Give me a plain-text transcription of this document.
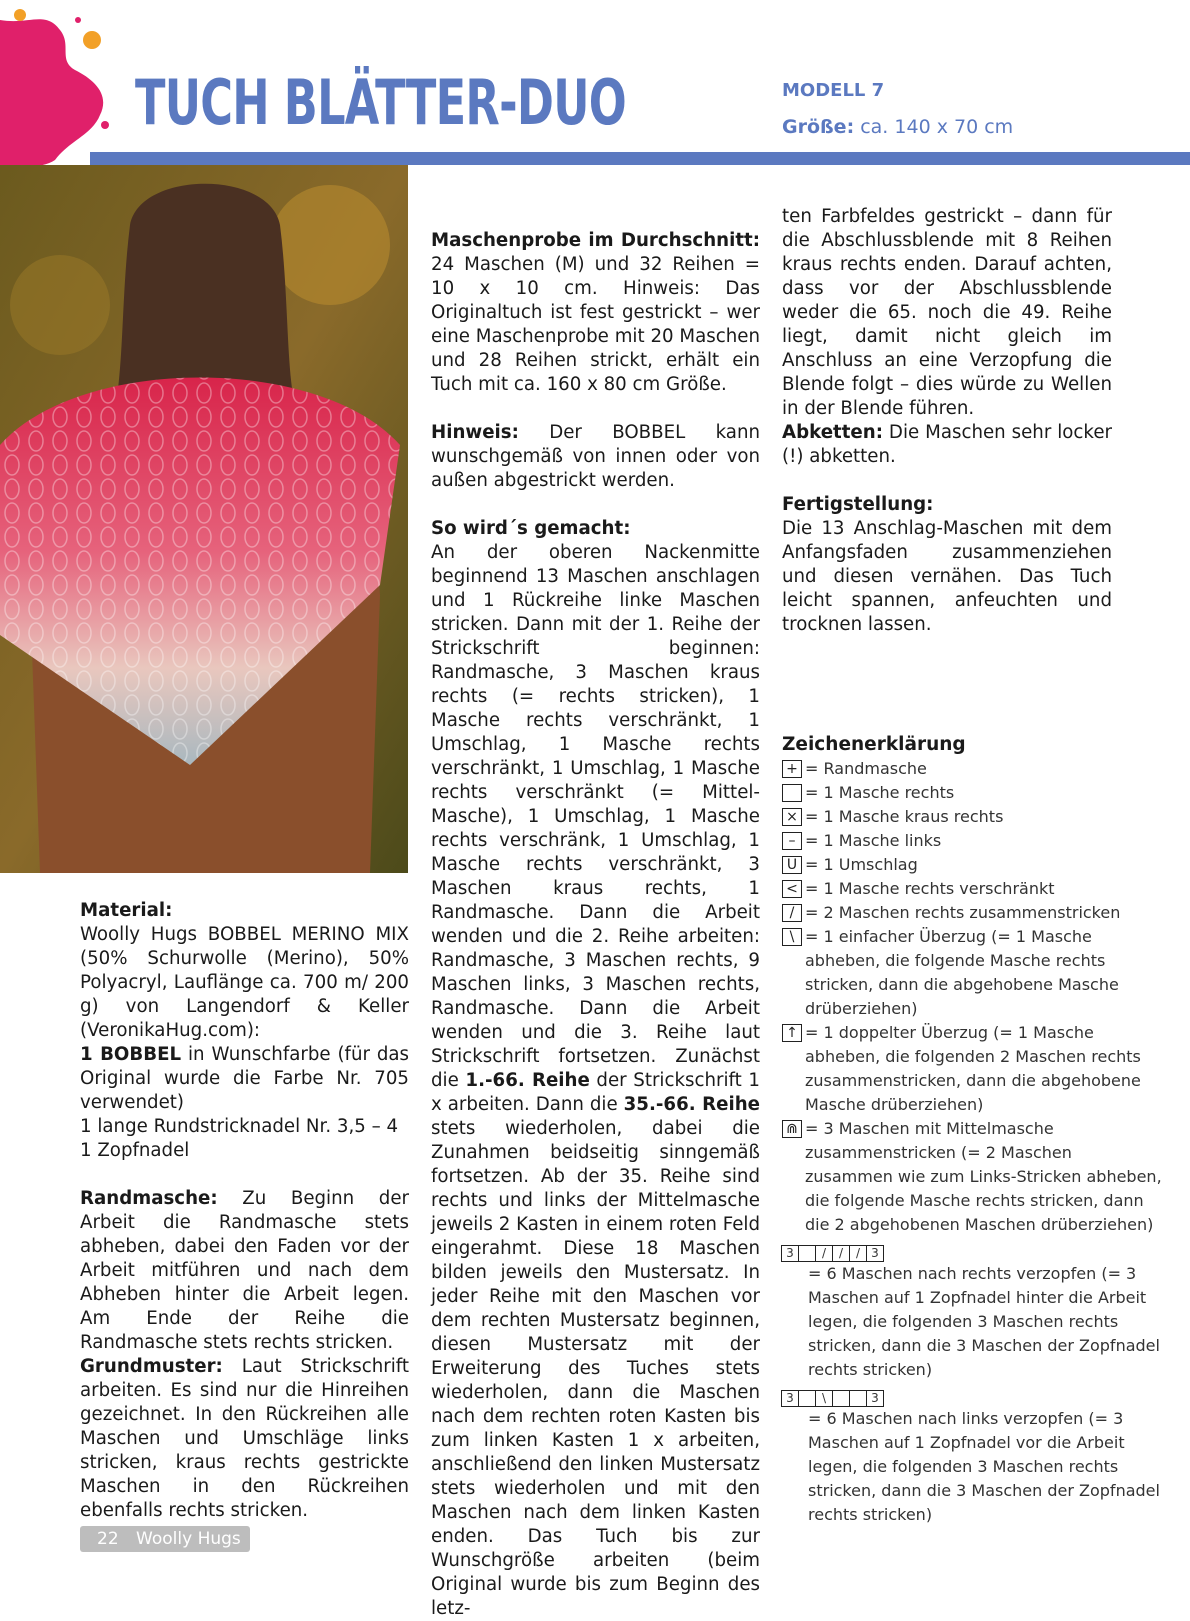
TUCH BLÄTTER-DUO	MODELL 7
Größe: ca. 140 x 70 cm

Material:

Woolly Hugs BOBBEL MERINO MIX (50% Schurwolle (Merino), 50% Polyacryl, Lauflänge ca. 700 m/ 200 g) von Langendorf & Keller (VeronikaHug.com):

1 BOBBEL in Wunschfarbe (für das Original wurde die Farbe Nr. 705 verwendet)

1 lange Rundstricknadel Nr. 3,5 – 4

1 Zopfnadel

Randmasche: Zu Beginn der Arbeit die Randmasche stets abheben, dabei den Faden vor der Arbeit mitführen und nach dem Abheben hinter die Arbeit legen. Am Ende der Reihe die Randmasche stets rechts stricken.

Grundmuster: Laut Strickschrift arbeiten. Es sind nur die Hinreihen gezeichnet. In den Rückreihen alle Maschen und Umschläge links stricken, kraus rechts gestrickte Maschen in den Rückreihen ebenfalls rechts stricken.

Maschenprobe im Durchschnitt: 24 Maschen (M) und 32 Reihen = 10 x 10 cm. Hinweis: Das Originaltuch ist fest gestrickt – wer eine Maschenprobe mit 20 Maschen und 28 Reihen strickt, erhält ein Tuch mit ca. 160 x 80 cm Größe.

Hinweis: Der BOBBEL kann wunschgemäß von innen oder von außen abgestrickt werden.

So wird´s gemacht:

An der oberen Nackenmitte beginnend 13 Maschen anschlagen und 1 Rückreihe linke Maschen stricken. Dann mit der 1. Reihe der Strickschrift beginnen: Randmasche, 3 Maschen kraus rechts (= rechts stricken), 1 Masche rechts verschränkt, 1 Umschlag, 1 Masche rechts verschränkt, 1 Umschlag, 1 Masche rechts verschränkt (= Mittel-Masche), 1 Umschlag, 1 Masche rechts verschränk, 1 Umschlag, 1 Masche rechts verschränkt, 3 Maschen kraus rechts, 1 Randmasche. Dann die Arbeit wenden und die 2. Reihe arbeiten: Randmasche, 3 Maschen rechts, 9 Maschen links, 3 Maschen rechts, Randmasche. Dann die Arbeit wenden und die 3. Reihe laut Strickschrift fortsetzen. Zunächst die 1.-66. Reihe der Strickschrift 1 x arbeiten. Dann die 35.-66. Reihe stets wiederholen, dabei die Zunahmen beidseitig sinngemäß fortsetzen. Ab der 35. Reihe sind rechts und links der Mittelmasche jeweils 2 Kasten in einem roten Feld eingerahmt. Diese 18 Maschen bilden jeweils den Mustersatz. In jeder Reihe mit den Maschen vor dem rechten Mustersatz beginnen, diesen Mustersatz mit der Erweiterung des Tuches stets wiederholen, dann die Maschen nach dem rechten roten Kasten bis zum linken Kasten 1 x arbeiten, anschließend den linken Mustersatz stets wiederholen und mit den Maschen nach dem linken Kasten enden. Das Tuch bis zur Wunschgröße arbeiten (beim Original wurde bis zum Beginn des letz-

ten Farbfeldes gestrickt – dann für die Abschlussblende mit 8 Reihen kraus rechts enden. Darauf achten, dass vor der Abschlussblende weder die 65. noch die 49. Reihe liegt, damit nicht gleich im Anschluss an eine Verzopfung die Blende folgt – dies würde zu Wellen in der Blende führen.

Abketten: Die Maschen sehr locker (!) abketten.

Fertigstellung:

Die 13 Anschlag-Maschen mit dem Anfangsfaden zusammenziehen und diesen vernähen. Das Tuch leicht spannen, anfeuchten und trocknen lassen.

Zeichenerklärung
+ = Randmasche
= 1 Masche rechts
× = 1 Masche kraus rechts
– = 1 Masche links
U = 1 Umschlag
< = 1 Masche rechts verschränkt
/ = 2 Maschen rechts zusammenstricken
\ = 1 einfacher Überzug (= 1 Masche abheben, die folgende Masche rechts stricken, dann die abgehobene Masche drüberziehen)
↑ = 1 doppelter Überzug (= 1 Masche abheben, die folgenden 2 Maschen rechts zusammenstricken, dann die abgehobene Masche drüberziehen)
⋒ = 3 Maschen mit Mittelmasche zusammenstricken (= 2 Maschen zusammen wie zum Links-Stricken abheben, die folgende Masche rechts stricken, dann die 2 abgehobenen Maschen drüberziehen)
3	/	/	/ 3
= 6 Maschen nach rechts verzopfen (= 3 Maschen auf 1 Zopfnadel hinter die Arbeit legen, die folgenden 3 Maschen rechts stricken, dann die 3 Maschen der Zopfnadel rechts stricken)
3	\	3
= 6 Maschen nach links verzopfen (= 3 Maschen auf 1 Zopfnadel vor die Arbeit legen, die folgenden 3 Maschen rechts stricken, dann die 3 Maschen der Zopfnadel rechts stricken)
22 Woolly Hugs
